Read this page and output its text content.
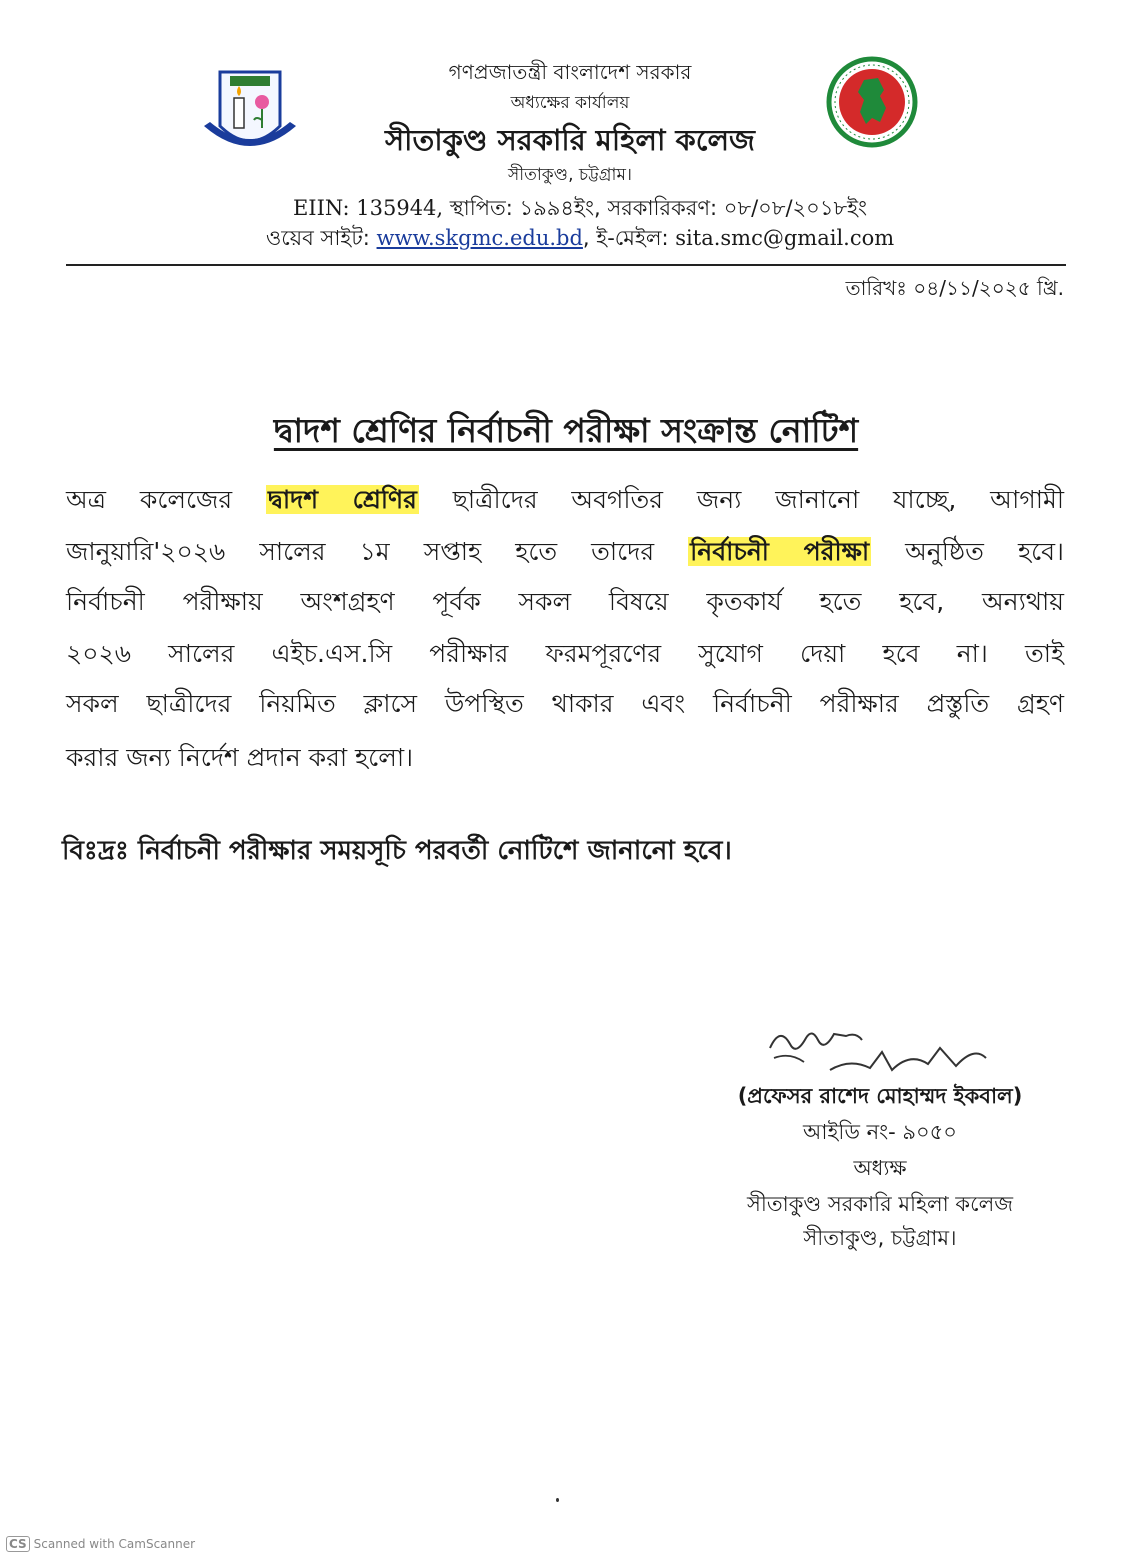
গণপ্রজাতন্ত্রী বাংলাদেশ সরকার
অধ্যক্ষের কার্যালয়
সীতাকুণ্ড সরকারি মহিলা কলেজ
সীতাকুণ্ড, চট্টগ্রাম।
EIIN: 135944, স্থাপিত: ১৯৯৪ইং, সরকারিকরণ: ০৮/০৮/২০১৮ইং
ওয়েব সাইট: www.skgmc.edu.bd, ই-মেইল: sita.smc@gmail.com
তারিখঃ ০৪/১১/২০২৫ খ্রি.
দ্বাদশ শ্রেণির নির্বাচনী পরীক্ষা সংক্রান্ত নোটিশ
অত্র কলেজের দ্বাদশ শ্রেণির ছাত্রীদের অবগতির জন্য জানানো যাচ্ছে, আগামী
জানুয়ারি'২০২৬ সালের ১ম সপ্তাহ হতে তাদের নির্বাচনী পরীক্ষা অনুষ্ঠিত হবে।
নির্বাচনী পরীক্ষায় অংশগ্রহণ পূর্বক সকল বিষয়ে কৃতকার্য হতে হবে, অন্যথায়
২০২৬ সালের এইচ.এস.সি পরীক্ষার ফরমপূরণের সুযোগ দেয়া হবে না। তাই
সকল ছাত্রীদের নিয়মিত ক্লাসে উপস্থিত থাকার এবং নির্বাচনী পরীক্ষার প্রস্তুতি গ্রহণ
করার জন্য নির্দেশ প্রদান করা হলো।
বিঃদ্রঃ নির্বাচনী পরীক্ষার সময়সূচি পরবর্তী নোটিশে জানানো হবে।
(প্রফেসর রাশেদ মোহাম্মদ ইকবাল)
আইডি নং- ৯০৫০
অধ্যক্ষ
সীতাকুণ্ড সরকারি মহিলা কলেজ
সীতাকুণ্ড, চট্টগ্রাম।
CS Scanned with CamScanner
